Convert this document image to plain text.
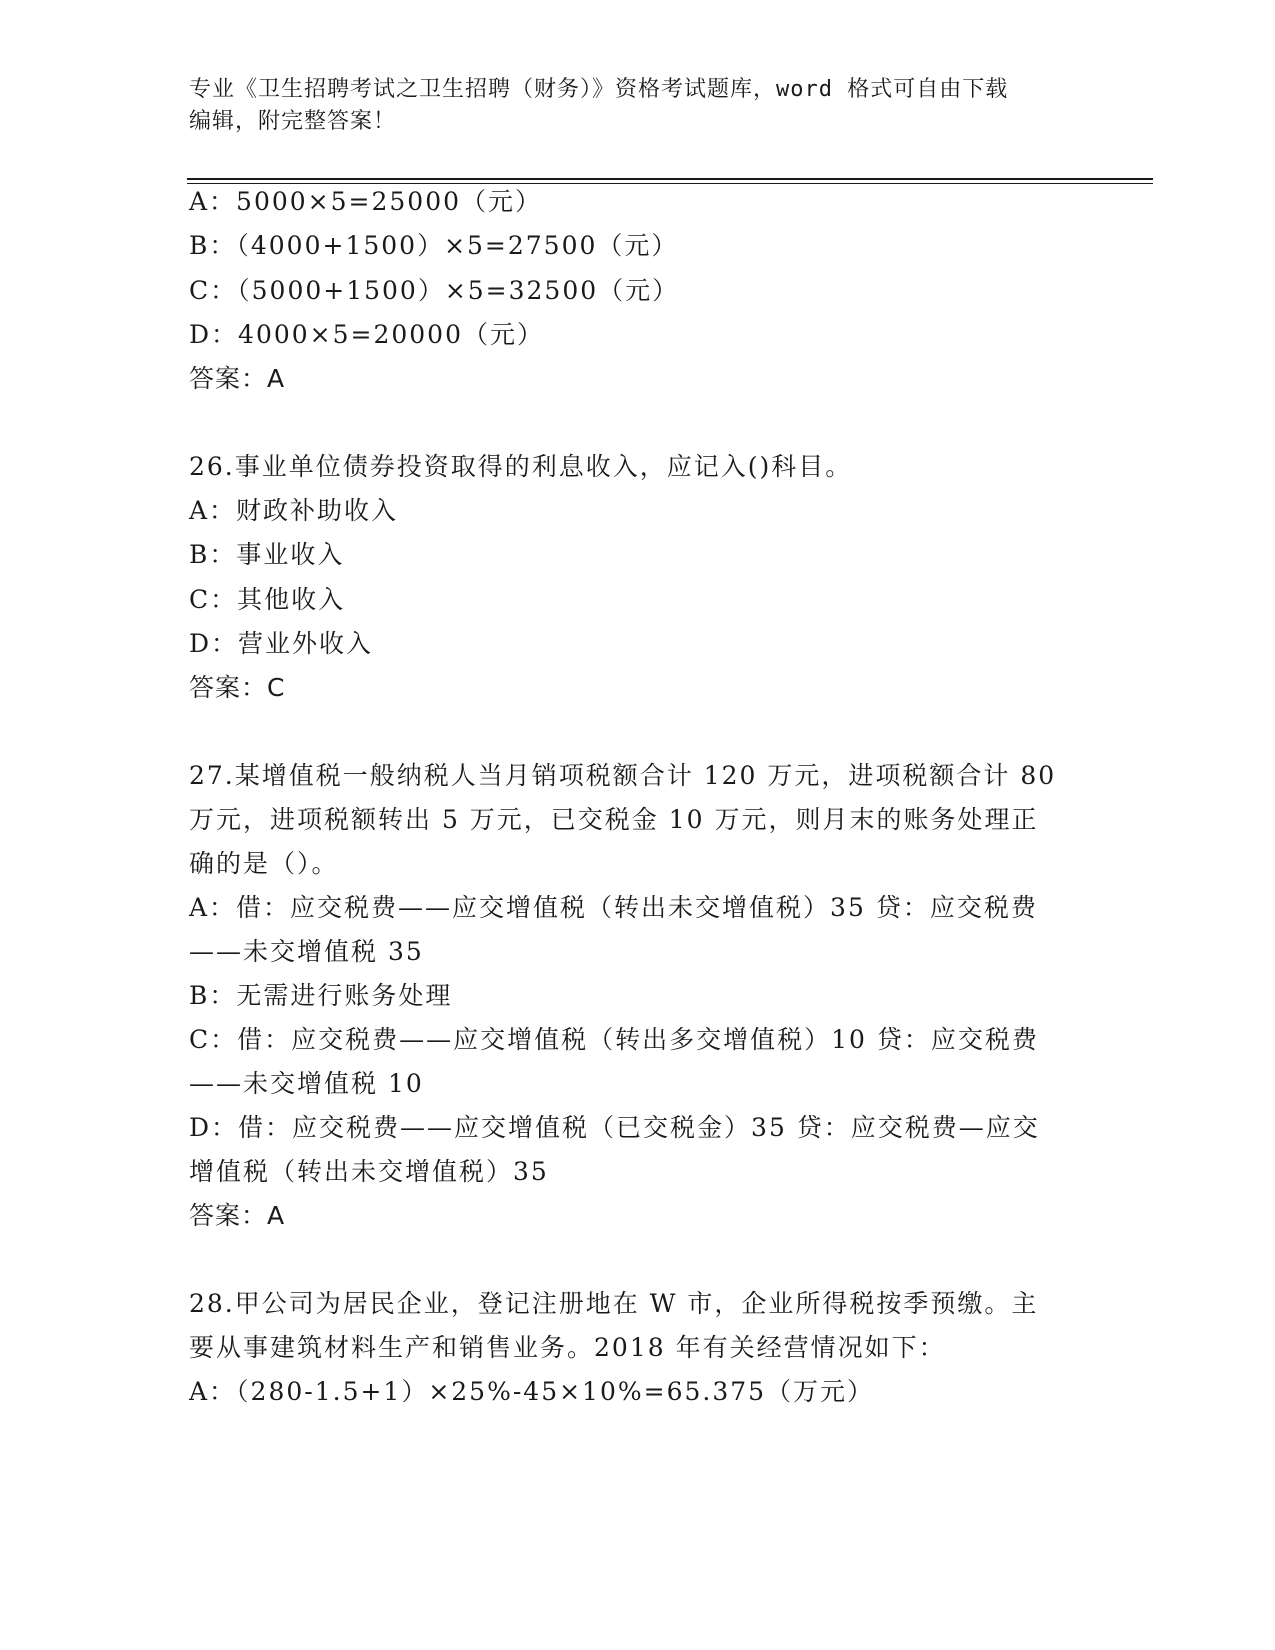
专业《卫生招聘考试之卫生招聘（财务）》资格考试题库，word 格式可自由下载
编辑，附完整答案！
A：5000×5=25000（元）
B：（4000+1500）×5=27500（元）
C：（5000+1500）×5=32500（元）
D：4000×5=20000（元）
答案：A
26.事业单位债券投资取得的利息收入，应记入()科目。
A：财政补助收入
B：事业收入
C：其他收入
D：营业外收入
答案：C
27.某增值税一般纳税人当月销项税额合计 120 万元，进项税额合计 80
万元，进项税额转出 5 万元，已交税金 10 万元，则月末的账务处理正
确的是（）。
A：借：应交税费——应交增值税（转出未交增值税）35 贷：应交税费
——未交增值税 35
B：无需进行账务处理
C：借：应交税费——应交增值税（转出多交增值税）10 贷：应交税费
——未交增值税 10
D：借：应交税费——应交增值税（已交税金）35 贷：应交税费—应交
增值税（转出未交增值税）35
答案：A
28.甲公司为居民企业，登记注册地在 W 市，企业所得税按季预缴。主
要从事建筑材料生产和销售业务。2018 年有关经营情况如下：
A：（280-1.5+1）×25%-45×10%=65.375（万元）
